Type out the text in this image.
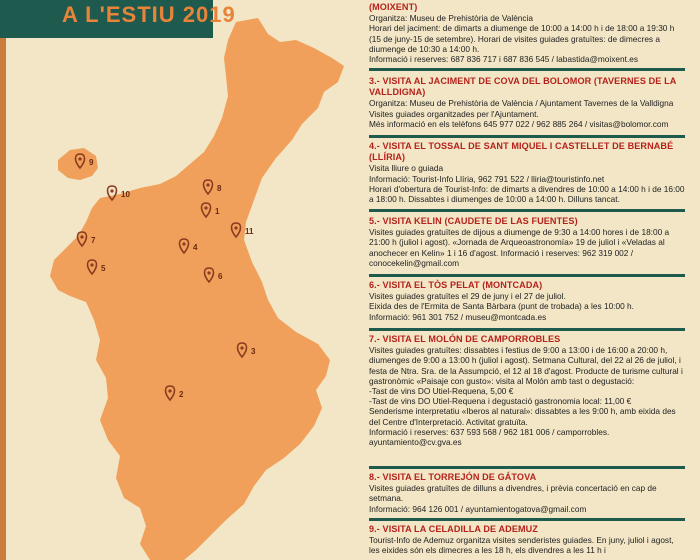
9
8
10
1
11
7
4
5
6
3
2
A L'ESTIU 2019	(MOIXENT)
Organitza: Museu de Prehistòria de València
Horari del jaciment: de dimarts a diumenge de 10:00 a 14:00 h i de 18:00 a 19:30 h (15 de juny-15 de setembre). Horari de visites guiades gratuïtes: de dimecres a diumenge de 10:30 a 14:00 h.
Informació i reserves: 687 836 717 i 687 836 545 / labastida@moixent.es
3.- VISITA AL JACIMENT DE COVA DEL BOLOMOR (TAVERNES DE LA VALLDIGNA)
Organitza: Museu de Prehistòria de València / Ajuntament Tavernes de la Valldigna
Visites guiades organitzades per l'Ajuntament.
Més informació en els telèfons 645 977 022 / 962 885 264 / visitas@bolomor.com
4.- VISITA EL TOSSAL DE SANT MIQUEL I CASTELLET DE BERNABÉ (LLÍRIA)
Visita lliure o guiada
Informació: Tourist-Info Llíria, 962 791 522 / lliria@touristinfo.net
Horari d'obertura de Tourist-Info: de dimarts a divendres de 10:00 a 14:00 h i de 16:00 a 18:00 h. Dissabtes i diumenges de 10:00 a 14:00 h. Dilluns tancat.
5.- VISITA KELIN (CAUDETE DE LAS FUENTES)
Visites guiades gratuïtes de dijous a diumenge de 9:30 a 14:00 hores i de 18:00 a 21:00 h (juliol i agost). «Jornada de Arqueoastronomía» 19 de juliol i «Veladas al anochecer en Kelin» 1 i 16 d'agost. Informació i reserves: 962 319 002 / conocekelin@gmail.com
6.- VISITA EL TÒS PELAT (MONTCADA)
Visites guiades gratuïtes el 29 de juny i el 27 de juliol.
Eixida des de l'Ermita de Santa Bàrbara (punt de trobada) a les 10:00 h.
Informació: 961 301 752 / museu@montcada.es
7.- VISITA EL MOLÓN DE CAMPORROBLES
Visites guiades gratuïtes: dissabtes i festius de 9:00 a 13:00 i de 16:00 a 20:00 h, diumenges de 9:00 a 13:00 h (juliol i agost). Setmana Cultural, del 22 al 26 de juliol, i festa de Ntra. Sra. de la Assumpció, el 12 al 18 d'agost. Producte de turisme cultural i gastronòmic «Paisaje con gusto»: visita al Molón amb tast o degustació:
-Tast de vins DO Utiel-Requena, 5,00 €
-Tast de vins DO Utiel-Requena i degustació gastronomia local: 11,00 €
Senderisme interpretatiu «Iberos al natural»: dissabtes a les 9:00 h, amb eixida des del Centre d'Interpretació. Activitat gratuïta.
Informació i reserves: 637 593 568 / 962 181 006 / camporrobles.
ayuntamiento@cv.gva.es
8.- VISITA EL TORREJÓN DE GÁTOVA
Visites guiades gratuïtes de dilluns a divendres, i prèvia concertació en cap de setmana.
Informació: 964 126 001 / ayuntamientogatova@gmail.com
9.- VISITA LA CELADILLA DE ADEMUZ
Tourist-Info de Ademuz organitza visites senderistes guiades. En juny, juliol i agost, les eixides són els dimecres a les 18 h, els divendres a les 11 h i
